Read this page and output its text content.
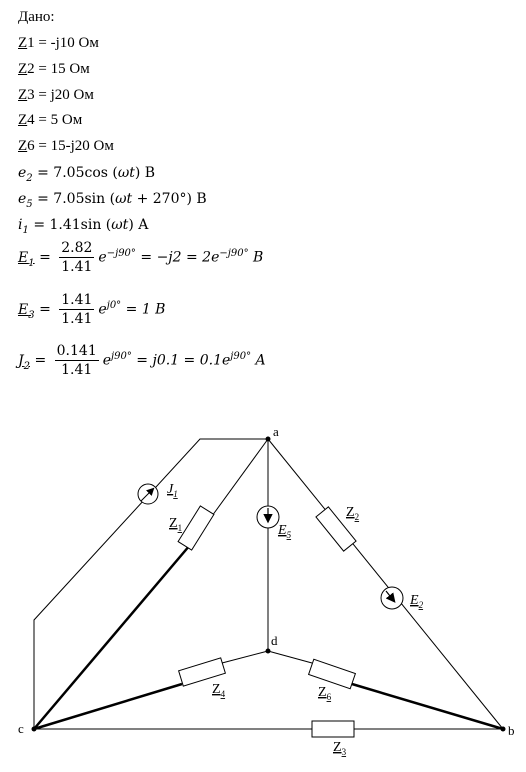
Дано:
Z1 = -j10 Ом
Z2 = 15 Ом
Z3 = j20 Ом
Z4 = 5 Ом
Z6 = 15-j20 Ом
$e_2 = 7.05\cos$ (ωt) B
$e_5 = 7.05\sin$ (ωt + 270°) B
$i_1 = 1.41\sin$ (ωt) A
$E_1 = \frac{2.82}{1.41} e^{-j90^\circ} = -j2 = 2e^{-j90^\circ}$ B
$E_3 = \frac{1.41}{1.41} e^{j0^\circ} = 1$ B
$J_2 = \frac{0.141}{1.41} e^{j90^\circ} = j0.1 = 0.1e^{j90^\circ}$ A
a
b
c
d
$J_1$
$Z_1$	$E_5$
$Z_2$
$E_2$
$Z_4$	$Z_6$
$Z_3$
